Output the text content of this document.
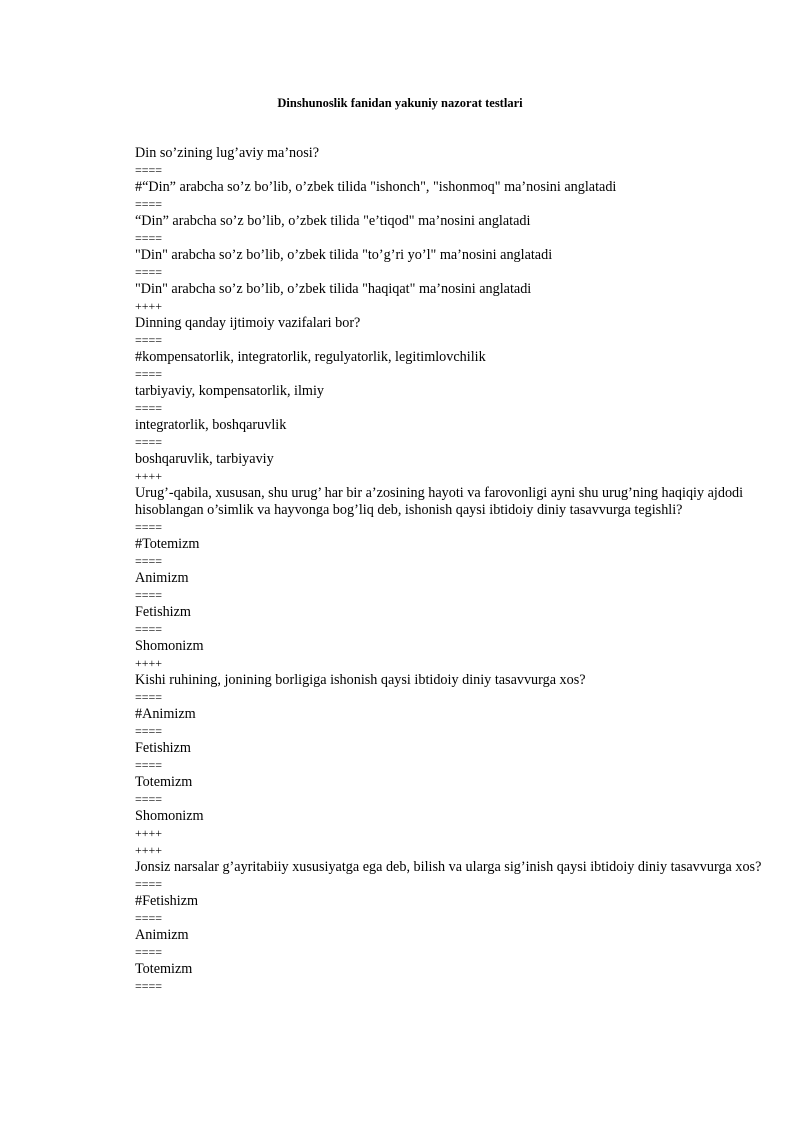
Dinshunoslik fanidan yakuniy nazorat testlari
Din so’zining lug’aviy ma’nosi?
====
#“Din” arabcha so’z bo’lib, o’zbek tilida "ishonch", "ishonmoq" ma’nosini anglatadi
====
“Din” arabcha so’z bo’lib, o’zbek tilida "e’tiqod" ma’nosini anglatadi
====
"Din" arabcha so’z bo’lib, o’zbek tilida "to’g’ri yo’l" ma’nosini anglatadi
====
"Din" arabcha so’z bo’lib, o’zbek tilida "haqiqat" ma’nosini anglatadi
++++
Dinning qanday ijtimoiy vazifalari bor?
====
#kompensatorlik, integratorlik, regulyatorlik, legitimlovchilik
====
tarbiyaviy, kompensatorlik, ilmiy
====
integratorlik, boshqaruvlik
====
boshqaruvlik, tarbiyaviy
++++
Urug’-qabila, xususan, shu urug’ har bir a’zosining hayoti va farovonligi ayni shu urug’ning haqiqiy ajdodi hisoblangan o’simlik va hayvonga bog’liq deb, ishonish qaysi ibtidoiy diniy tasavvurga tegishli?
====
#Totemizm
====
Animizm
====
Fetishizm
====
Shomonizm
++++
Kishi ruhining, jonining borligiga ishonish qaysi ibtidoiy diniy tasavvurga xos?
====
#Animizm
====
Fetishizm
====
Totemizm
====
Shomonizm
++++
++++
Jonsiz narsalar g’ayritabiiy xususiyatga ega deb, bilish va ularga sig’inish qaysi ibtidoiy diniy tasavvurga xos?
====
#Fetishizm
====
Animizm
====
Totemizm
====
